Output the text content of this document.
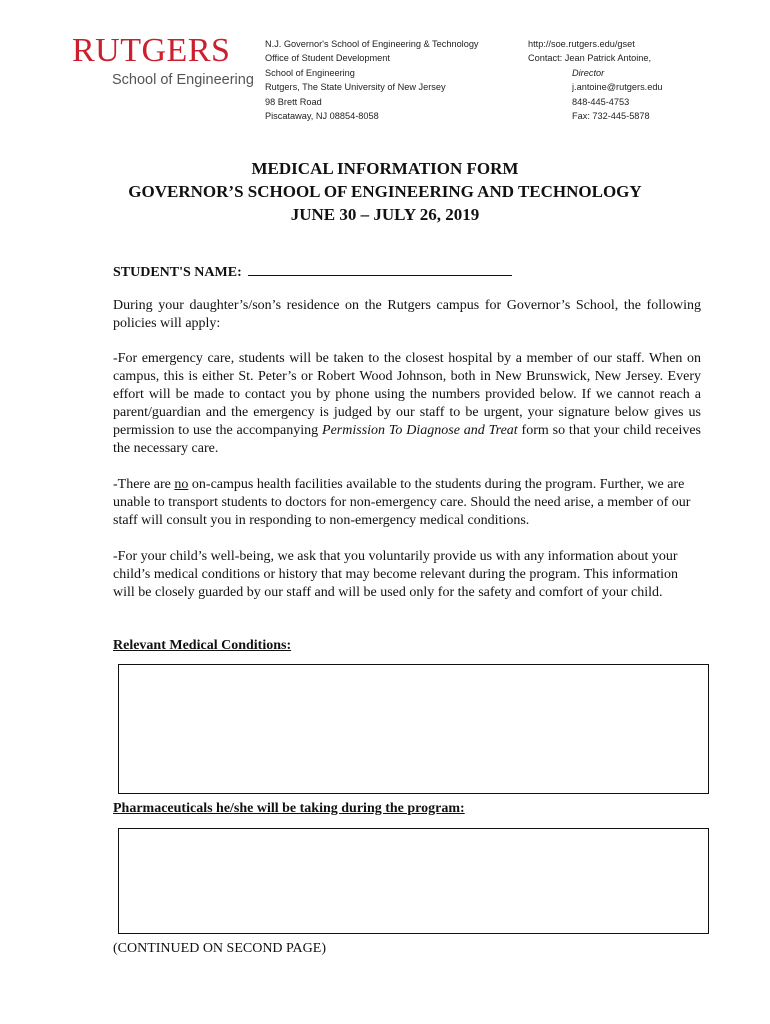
RUTGERS
School of Engineering
N.J. Governor's School of Engineering & Technology
Office of Student Development
School of Engineering
Rutgers, The State University of New Jersey
98 Brett Road
Piscataway, NJ 08854-8058
http://soe.rutgers.edu/gset
Contact: Jean Patrick Antoine,
Director
j.antoine@rutgers.edu
848-445-4753
Fax: 732-445-5878
MEDICAL INFORMATION FORM
GOVERNOR’S SCHOOL OF ENGINEERING AND TECHNOLOGY
JUNE 30 – JULY 26, 2019
STUDENT'S NAME:
During your daughter’s/son’s residence on the Rutgers campus for Governor’s School, the following policies will apply:
-For emergency care, students will be taken to the closest hospital by a member of our staff. When on campus, this is either St. Peter’s or Robert Wood Johnson, both in New Brunswick, New Jersey. Every effort will be made to contact you by phone using the numbers provided below. If we cannot reach a parent/guardian and the emergency is judged by our staff to be urgent, your signature below gives us permission to use the accompanying Permission To Diagnose and Treat form so that your child receives the necessary care.
-There are no on-campus health facilities available to the students during the program. Further, we are unable to transport students to doctors for non-emergency care. Should the need arise, a member of our staff will consult you in responding to non-emergency medical conditions.
-For your child’s well-being, we ask that you voluntarily provide us with any information about your child’s medical conditions or history that may become relevant during the program. This information will be closely guarded by our staff and will be used only for the safety and comfort of your child.
Relevant Medical Conditions:
Pharmaceuticals he/she will be taking during the program:
(CONTINUED ON SECOND PAGE)
